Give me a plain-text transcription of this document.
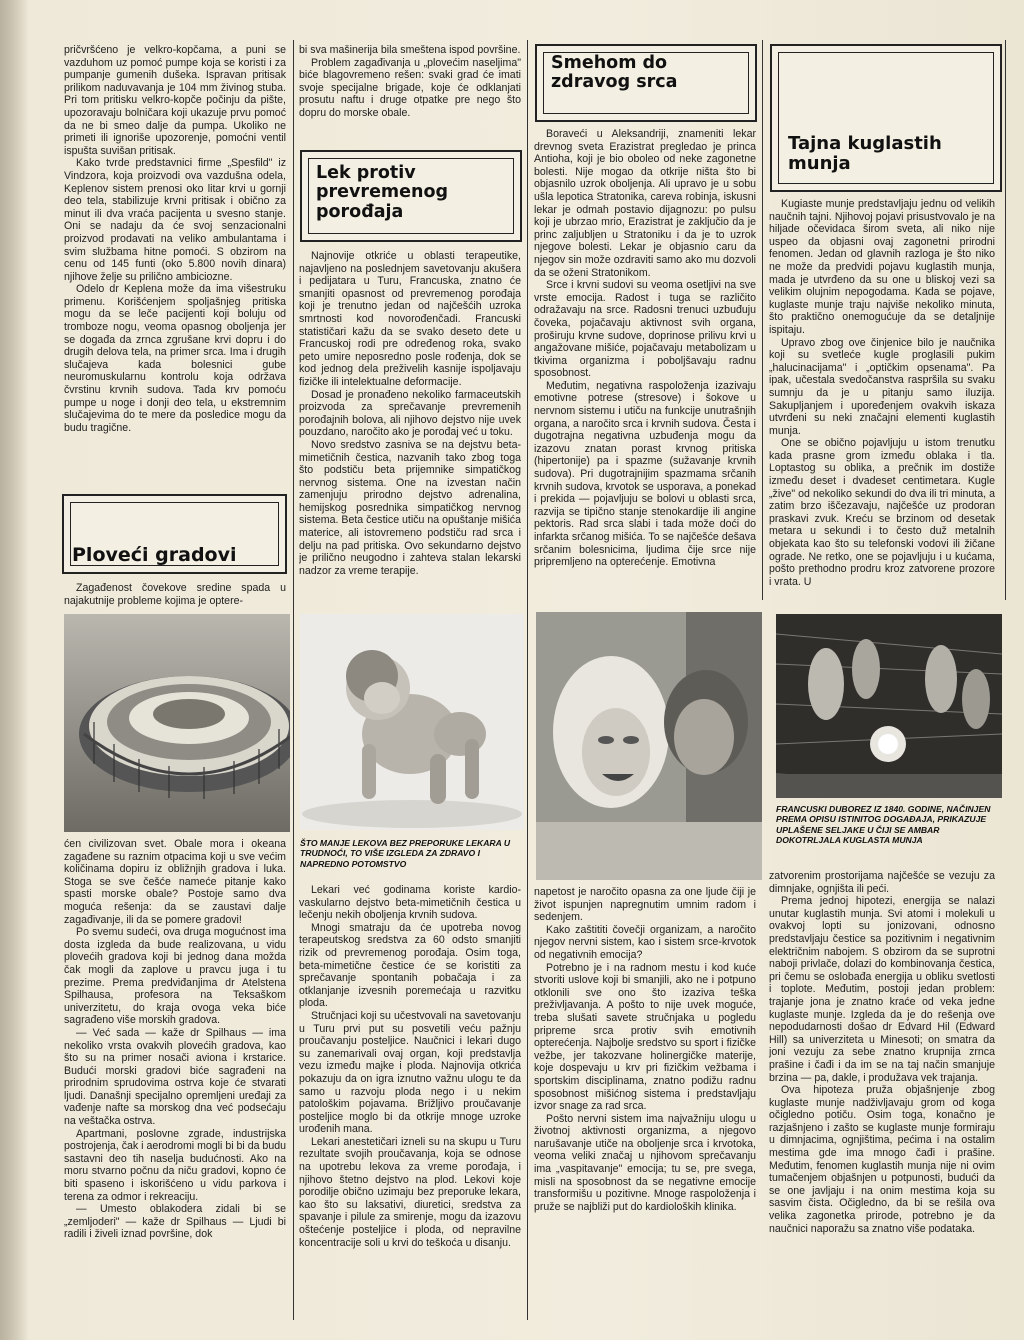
pričvršćeno je velkro-kopčama, a puni se vazduhom uz pomoć pumpe koja se koristi i za pumpanje gumenih dušeka. Ispravan pritisak prilikom naduvavanja je 104 mm živinog stuba. Pri tom pritisku velkro-kopče počinju da pište, upozoravaju bolničara koji ukazuje prvu pomoć da ne bi smeo dalje da pumpa. Ukoliko ne primeti ili ignoriše upozorenje, pomoćni ventil ispušta suvišan pritisak.

Kako tvrde predstavnici firme „Spesfild" iz Vindzora, koja proizvodi ova vazdušna odela, Keplenov sistem prenosi oko litar krvi u gornji deo tela, stabilizuje krvni pritisak i obično za minut ili dva vraća pacijenta u svesno stanje. Oni se nadaju da će svoj senzacionalni proizvod prodavati na veliko ambulantama i svim službama hitne pomoći. S obzirom na cenu od 145 funti (oko 5.800 novih dinara) njihove želje su prilično ambiciozne.

Odelo dr Keplena može da ima višestruku primenu. Korišćenjem spoljašnjeg pritiska mogu da se leče pacijenti koji boluju od tromboze nogu, veoma opasnog oboljenja jer se događa da zrnca zgrušane krvi dopru i do drugih delova tela, na primer srca. Ima i drugih slučajeva kada bolesnici gube neuromuskularnu kontrolu koja održava čvrstinu krvnih sudova. Tada krv pomoću pumpe u noge i donji deo tela, u ekstremnim slučajevima do te mere da posledice mogu da budu tragične.

Ploveći gradovi

Zagađenost čovekove sredine spada u najakutnije probleme kojima je optere-

ćen civilizovan svet. Obale mora i okeana zagađene su raznim otpacima koji u sve većim količinama dopiru iz obližnjih gradova i luka. Stoga se sve češće nameće pitanje kako spasti morske obale? Postoje samo dva moguća rešenja: da se zaustavi dalje zagađivanje, ili da se pomere gradovi!

Po svemu sudeći, ova druga mogućnost ima dosta izgleda da bude realizovana, u vidu plovećih gradova koji bi jednog dana možda čak mogli da zaplove u pravcu juga i tu prezime. Prema predviđanjima dr Atelstena Spilhausa, profesora na Teksaškom univerzitetu, do kraja ovoga veka biće sagrađeno više morskih gradova.

— Već sada — kaže dr Spilhaus — ima nekoliko vrsta ovakvih plovećih gradova, kao što su na primer nosači aviona i krstarice. Budući morski gradovi biće sagrađeni na prirodnim sprudovima ostrva koje će stvarati ljudi. Današnji specijalno opremljeni uređaji za vađenje nafte sa morskog dna već podsećaju na veštačka ostrva.

Apartmani, poslovne zgrade, industrijska postrojenja, čak i aerodromi mogli bi bi da budu sastavni deo tih naselja budućnosti. Ako na moru stvarno počnu da niču gradovi, kopno će biti spaseno i iskorišćeno u vidu parkova i terena za odmor i rekreaciju.

— Umesto oblakodera zidali bi se „zemljoderi" — kaže dr Spilhaus — Ljudi bi radili i živeli iznad površine, dok

bi sva mašinerija bila smeštena ispod površine.

Problem zagađivanja u „plovećim naseljima" biće blagovremeno rešen: svaki grad će imati svoje specijalne brigade, koje će odklanjati prosutu naftu i druge otpatke pre nego što dopru do morske obale.

Lek protiv prevremenog porođaja

Najnovije otkriće u oblasti terapeutike, najavljeno na poslednjem savetovanju akušera i pedijatara u Turu, Francuska, znatno će smanjiti opasnost od prevremenog porođaja koji je trenutno jedan od najčešćih uzroka smrtnosti kod novorođenčadi. Francuski statističari kažu da se svako deseto dete u Francuskoj rodi pre određenog roka, svako peto umire neposredno posle rođenja, dok se kod jednog dela preživelih kasnije ispoljavaju fizičke ili intelektualne deformacije.

Dosad je pronađeno nekoliko farmaceutskih proizvoda za sprečavanje prevremenih porođajnih bolova, ali njihovo dejstvo nije uvek pouzdano, naročito ako je porođaj već u toku.

Novo sredstvo zasniva se na dejstvu beta-mimetičnih čestica, nazvanih tako zbog toga što podstiču beta prijemnike simpatičkog nervnog sistema. One na izvestan način zamenjuju prirodno dejstvo adrenalina, hemijskog posrednika simpatičkog nervnog sistema. Beta čestice utiču na opuštanje mišića materice, ali istovremeno podstiču rad srca i delju na pad pritiska. Ovo sekundarno dejstvo je prilično neugodno i zahteva stalan lekarski nadzor za vreme terapije.

ŠTO MANJE LEKOVA BEZ PREPORUKE LEKARA U TRUDNOĆI, TO VIŠE IZGLEDA ZA ZDRAVO I NAPREDNO POTOMSTVO

Lekari već godinama koriste kardio-vaskularno dejstvo beta-mimetičnih čestica u lečenju nekih oboljenja krvnih sudova.

Mnogi smatraju da će upotreba novog terapeutskog sredstva za 60 odsto smanjiti rizik od prevremenog porođaja. Osim toga, beta-mimetične čestice će se koristiti za sprečavanje spontanih pobačaja i za otklanjanje izvesnih poremećaja u razvitku ploda.

Stručnjaci koji su učestvovali na savetovanju u Turu prvi put su posvetili veću pažnju proučavanju posteljice. Naučnici i lekari dugo su zanemarivali ovaj organ, koji predstavlja vezu između majke i ploda. Najnovija otkrića pokazuju da on igra iznutno važnu ulogu te da samo u razvoju ploda nego i u nekim patološkim pojavama. Brižljivo proučavanje posteljice moglo bi da otkrije mnoge uzroke urođenih mana.

Lekari anestetičari izneli su na skupu u Turu rezultate svojih proučavanja, koja se odnose na upotrebu lekova za vreme porođaja, i njihovo štetno dejstvo na plod. Lekovi koje porodilje obično uzimaju bez preporuke lekara, kao što su laksativi, diuretici, sredstva za spavanje i pilule za smirenje, mogu da izazovu oštećenje posteljice i ploda, od nepravilne koncentracije soli u krvi do teškoća u disanju.

Smehom do zdravog srca

Boraveći u Aleksandriji, znameniti lekar drevnog sveta Erazistrat pregledao je princa Antioha, koji je bio oboleo od neke zagonetne bolesti. Nije mogao da otkrije ništa što bi objasnilo uzrok oboljenja. Ali upravo je u sobu ušla lepotica Stratonika, careva robinja, iskusni lekar je odmah postavio dijagnozu: po pulsu koji je ubrzao mrio, Erazistrat je zaključio da je princ zaljubljen u Stratoniku i da je to uzrok njegove bolesti. Lekar je objasnio caru da njegov sin može ozdraviti samo ako mu dozvoli da se oženi Stratonikom.

Srce i krvni sudovi su veoma osetljivi na sve vrste emocija. Radost i tuga se različito odražavaju na srce. Radosni trenuci uzbuđuju čoveka, pojačavaju aktivnost svih organa, proširuju krvne sudove, doprinose prilivu krvi u angažovane mišiće, pojačavaju metabolizam u tkivima organizma i poboljšavaju radnu sposobnost.

Međutim, negativna raspoloženja izazivaju emotivne potrese (stresove) i šokove u nervnom sistemu i utiču na funkcije unutrašnjih organa, a naročito srca i krvnih sudova. Česta i dugotrajna negativna uzbuđenja mogu da izazovu znatan porast krvnog pritiska (hipertonije) pa i spazme (sužavanje krvnih sudova). Pri dugotrajnijim spazmama srčanih krvnih sudova, krvotok se usporava, a ponekad i prekida — pojavljuju se bolovi u oblasti srca, razvija se tipično stanje stenokardije ili angine pektoris. Rad srca slabi i tada može doći do infarkta srčanog mišića. To se najčešće dešava srčanim bolesnicima, ljudima čije srce nije pripremljeno na opterećenje. Emotivna

napetost je naročito opasna za one ljude čiji je život ispunjen napregnutim umnim radom i sedenjem.

Kako zaštititi čovečji organizam, a naročito njegov nervni sistem, kao i sistem srce-krvotok od negativnih emocija?

Potrebno je i na radnom mestu i kod kuće stvoriti uslove koji bi smanjili, ako ne i potpuno otklonili sve ono što izaziva teška preživljavanja. A pošto to nije uvek moguće, treba slušati savete stručnjaka u pogledu pripreme srca protiv svih emotivnih opterećenja. Najbolje sredstvo su sport i fizičke vežbe, jer takozvane holinergičke materije, koje dospevaju u krv pri fizičkim vežbama i sportskim disciplinama, znatno podižu radnu sposobnost mišićnog sistema i predstavljaju izvor snage za rad srca.

Pošto nervni sistem ima najvažniju ulogu u životnoj aktivnosti organizma, a njegovo narušavanje utiče na oboljenje srca i krvotoka, veoma veliki značaj u njihovom sprečavanju ima „vaspitavanje" emocija; tu se, pre svega, misli na sposobnost da se negativne emocije transformišu u pozitivne. Mnoge raspoloženja i pruže se najbliži put do kardioloških klinika.

Tajna kuglastih munja

Kugiaste munje predstavljaju jednu od velikih naučnih tajni. Njihovoj pojavi prisustvovalo je na hiljade očevidaca širom sveta, ali niko nije uspeo da objasni ovaj zagonetni prirodni fenomen. Jedan od glavnih razloga je što niko ne može da predvidi pojavu kuglastih munja, mada je utvrđeno da su one u bliskoj vezi sa velikim olujnim nepogodama. Kada se pojave, kuglaste munje traju najviše nekoliko minuta, što praktično onemogućuje da se detaljnije ispitaju.

Upravo zbog ove činjenice bilo je naučnika koji su svetleće kugle proglasili pukim „halucinacijama" i „optičkim opsenama". Pa ipak, učestala svedočanstva raspršila su svaku sumnju da je u pitanju samo iluzija. Sakupljanjem i upoređenjem ovakvih iskaza utvrđeni su neki značajni elementi kuglastih munja.

One se obično pojavljuju u istom trenutku kada prasne grom između oblaka i tla. Loptastog su oblika, a prečnik im dostiže između deset i dvadeset centimetara. Kugle „žive" od nekoliko sekundi do dva ili tri minuta, a zatim brzo iščezavaju, najčešće uz prodoran praskavi zvuk. Kreću se brzinom od desetak metara u sekundi i to često duž metalnih objekata kao što su telefonski vodovi ili žičane ograde. Ne retko, one se pojavljuju i u kućama, pošto prethodno prodru kroz zatvorene prozore i vrata. U

FRANCUSKI DUBOREZ IZ 1840. GODINE, NAČINJEN PREMA OPISU ISTINITOG DOGAĐAJA, PRIKAZUJE UPLAŠENE SELJAKE U ČIJI SE AMBAR DOKOTRLJALA KUGLASTA MUNJA

zatvorenim prostorijama najčešće se vezuju za dimnjake, ognjišta ili peći.

Prema jednoj hipotezi, energija se nalazi unutar kuglastih munja. Svi atomi i molekuli u ovakvoj lopti su jonizovani, odnosno predstavljaju čestice sa pozitivnim i negativnim električnim nabojem. S obzirom da se suprotni naboji privlače, dolazi do kombinovanja čestica, pri čemu se oslobađa energija u obliku svetlosti i toplote. Međutim, postoji jedan problem: trajanje jona je znatno kraće od veka jedne kuglaste munje. Izgleda da je do rešenja ove nepodudarnosti došao dr Edvard Hil (Edward Hill) sa univerziteta u Minesoti; on smatra da joni vezuju za sebe znatno krupnija zrnca prašine i čađi i da im se na taj način smanjuje brzina — pa, dakle, i produžava vek trajanja.

Ova hipoteza pruža objašnjenje zbog kuglaste munje nadživljavaju grom od koga očigledno potiču. Osim toga, konačno je razjašnjeno i zašto se kuglaste munje formiraju u dimnjacima, ognjištima, pećima i na ostalim mestima gde ima mnogo čađi i prašine. Međutim, fenomen kuglastih munja nije ni ovim tumačenjem objašnjen u potpunosti, budući da se one javljaju i na onim mestima koja su sasvim čista. Očigledno, da bi se rešila ova velika zagonetka prirode, potrebno je da naučnici naporažu sa znatno više podataka.
